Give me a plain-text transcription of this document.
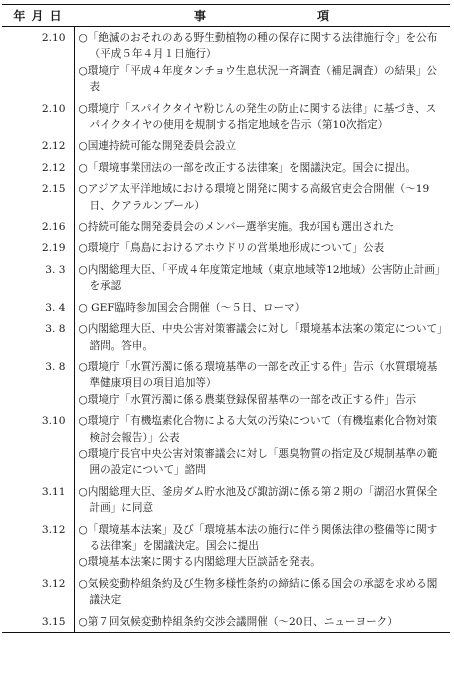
年 月 日	事 項
2.10	○「絶滅のおそれのある野生動植物の種の保存に関する法律施行令」を公布（平成５年４月１日施行）
○環境庁「平成４年度タンチョウ生息状況一斉調査（補足調査）の結果」公表

2.10	○環境庁「スパイクタイヤ粉じんの発生の防止に関する法律」に基づき、スパイクタイヤの使用を規制する指定地域を告示（第10次指定）

2.12	○国連持続可能な開発委員会設立

2.12	○「環境事業団法の一部を改正する法律案」を閣議決定。国会に提出。

2.15	○アジア太平洋地域における環境と開発に関する高級官吏会合開催（〜19日、クアラルンプール）

2.16	○持続可能な開発委員会のメンバー選挙実施。我が国も選出された

2.19	○環境庁「鳥島におけるアホウドリの営巣地形成について」公表

3. 3	○内閣総理大臣、「平成４年度策定地域（東京地域等12地域）公害防止計画」を承認

3. 4	○ GEF臨時参加国会合開催（〜５日、ローマ）

3. 8	○内閣総理大臣、中央公害対策審議会に対し「環境基本法案の策定について」諮問。答申。

3. 8	○環境庁「水質汚濁に係る環境基準の一部を改正する件」告示（水質環境基準健康項目の項目追加等）
○環境庁「水質汚濁に係る農薬登録保留基準の一部を改正する件」告示

3.10	○環境庁「有機塩素化合物による大気の汚染について（有機塩素化合物対策検討会報告）」公表
○環境庁長官中央公害対策審議会に対し「悪臭物質の指定及び規制基準の範囲の設定について」諮問

3.11	○内閣総理大臣、釜房ダム貯水池及び諏訪湖に係る第２期の「湖沼水質保全計画」に同意

3.12	○「環境基本法案」及び「環境基本法の施行に伴う関係法律の整備等に関する法律案」を閣議決定。国会に提出
○環境基本法案に関する内閣総理大臣談話を発表。

3.12	○気候変動枠組条約及び生物多様性条約の締結に係る国会の承認を求める閣議決定

3.15	○第７回気候変動枠組条約交渉会議開催（〜20日、ニューヨーク）
